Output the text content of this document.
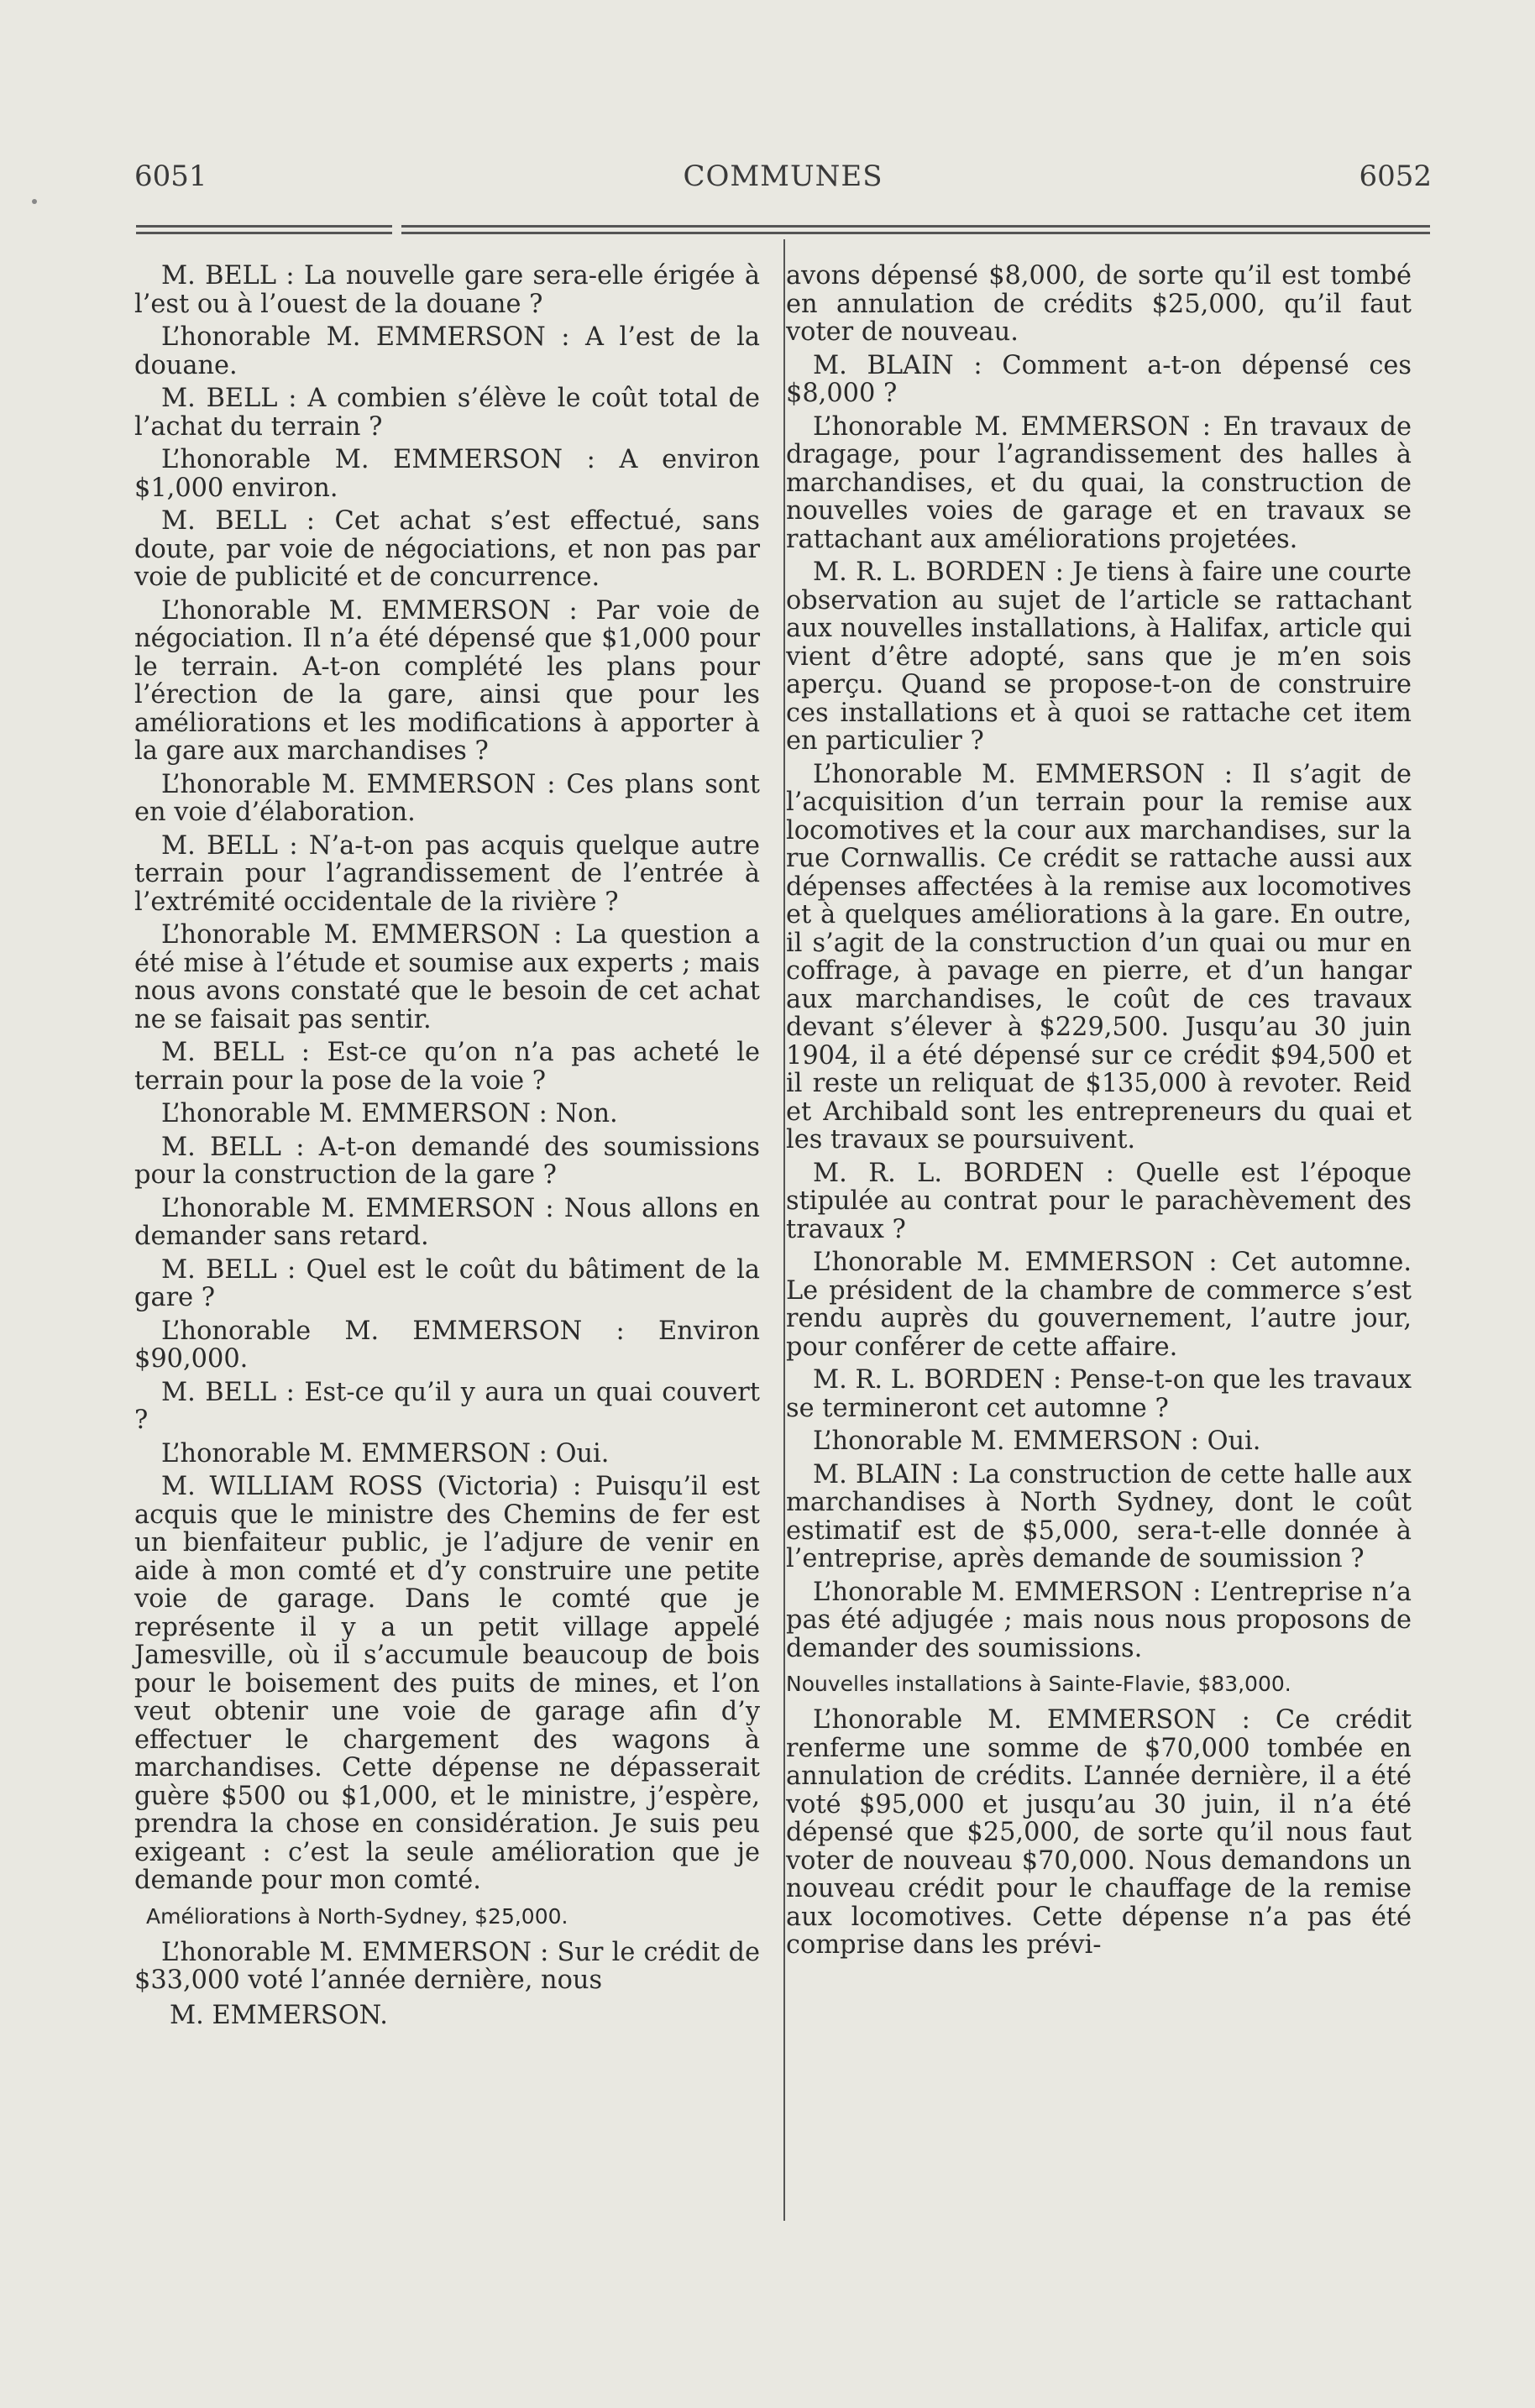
6051	COMMUNES	6052

M. BELL : La nouvelle gare sera-elle érigée à l’est ou à l’ouest de la douane ?

L’honorable M. EMMERSON : A l’est de la douane.

M. BELL : A combien s’élève le coût total de l’achat du terrain ?

L’honorable M. EMMERSON : A environ $1,000 environ.

M. BELL : Cet achat s’est effectué, sans doute, par voie de négociations, et non pas par voie de publicité et de concurrence.

L’honorable M. EMMERSON : Par voie de négociation. Il n’a été dépensé que $1,000 pour le terrain. A-t-on complété les plans pour l’érection de la gare, ainsi que pour les améliorations et les modifications à apporter à la gare aux marchandises ?

L’honorable M. EMMERSON : Ces plans sont en voie d’élaboration.

M. BELL : N’a-t-on pas acquis quelque autre terrain pour l’agrandissement de l’entrée à l’extrémité occidentale de la rivière ?

L’honorable M. EMMERSON : La question a été mise à l’étude et soumise aux experts ; mais nous avons constaté que le besoin de cet achat ne se faisait pas sentir.

M. BELL : Est-ce qu’on n’a pas acheté le terrain pour la pose de la voie ?

L’honorable M. EMMERSON : Non.

M. BELL : A-t-on demandé des soumissions pour la construction de la gare ?

L’honorable M. EMMERSON : Nous allons en demander sans retard.

M. BELL : Quel est le coût du bâtiment de la gare ?

L’honorable M. EMMERSON : Environ $90,000.

M. BELL : Est-ce qu’il y aura un quai couvert ?

L’honorable M. EMMERSON : Oui.

M. WILLIAM ROSS (Victoria) : Puisqu’il est acquis que le ministre des Chemins de fer est un bienfaiteur public, je l’adjure de venir en aide à mon comté et d’y construire une petite voie de garage. Dans le comté que je représente il y a un petit village appelé Jamesville, où il s’accumule beaucoup de bois pour le boisement des puits de mines, et l’on veut obtenir une voie de garage afin d’y effectuer le chargement des wagons à marchandises. Cette dépense ne dépasserait guère $500 ou $1,000, et le ministre, j’espère, prendra la chose en considération. Je suis peu exigeant : c’est la seule amélioration que je demande pour mon comté.

Améliorations à North-Sydney, $25,000.

L’honorable M. EMMERSON : Sur le crédit de $33,000 voté l’année dernière, nous

M. EMMERSON.

avons dépensé $8,000, de sorte qu’il est tombé en annulation de crédits $25,000, qu’il faut voter de nouveau.

M. BLAIN : Comment a-t-on dépensé ces $8,000 ?

L’honorable M. EMMERSON : En travaux de dragage, pour l’agrandissement des halles à marchandises, et du quai, la construction de nouvelles voies de garage et en travaux se rattachant aux améliorations projetées.

M. R. L. BORDEN : Je tiens à faire une courte observation au sujet de l’article se rattachant aux nouvelles installations, à Halifax, article qui vient d’être adopté, sans que je m’en sois aperçu. Quand se propose-t-on de construire ces installations et à quoi se rattache cet item en particulier ?

L’honorable M. EMMERSON : Il s’agit de l’acquisition d’un terrain pour la remise aux locomotives et la cour aux marchandises, sur la rue Cornwallis. Ce crédit se rattache aussi aux dépenses affectées à la remise aux locomotives et à quelques améliorations à la gare. En outre, il s’agit de la construction d’un quai ou mur en coffrage, à pavage en pierre, et d’un hangar aux marchandises, le coût de ces travaux devant s’élever à $229,500. Jusqu’au 30 juin 1904, il a été dépensé sur ce crédit $94,500 et il reste un reliquat de $135,000 à revoter. Reid et Archibald sont les entrepreneurs du quai et les travaux se poursuivent.

M. R. L. BORDEN : Quelle est l’époque stipulée au contrat pour le parachèvement des travaux ?

L’honorable M. EMMERSON : Cet automne. Le président de la chambre de commerce s’est rendu auprès du gouvernement, l’autre jour, pour conférer de cette affaire.

M. R. L. BORDEN : Pense-t-on que les travaux se termineront cet automne ?

L’honorable M. EMMERSON : Oui.

M. BLAIN : La construction de cette halle aux marchandises à North Sydney, dont le coût estimatif est de $5,000, sera-t-elle donnée à l’entreprise, après demande de soumission ?

L’honorable M. EMMERSON : L’entreprise n’a pas été adjugée ; mais nous nous proposons de demander des soumissions.

Nouvelles installations à Sainte-Flavie, $83,000.

L’honorable M. EMMERSON : Ce crédit renferme une somme de $70,000 tombée en annulation de crédits. L’année dernière, il a été voté $95,000 et jusqu’au 30 juin, il n’a été dépensé que $25,000, de sorte qu’il nous faut voter de nouveau $70,000. Nous demandons un nouveau crédit pour le chauffage de la remise aux locomotives. Cette dépense n’a pas été comprise dans les prévi-
